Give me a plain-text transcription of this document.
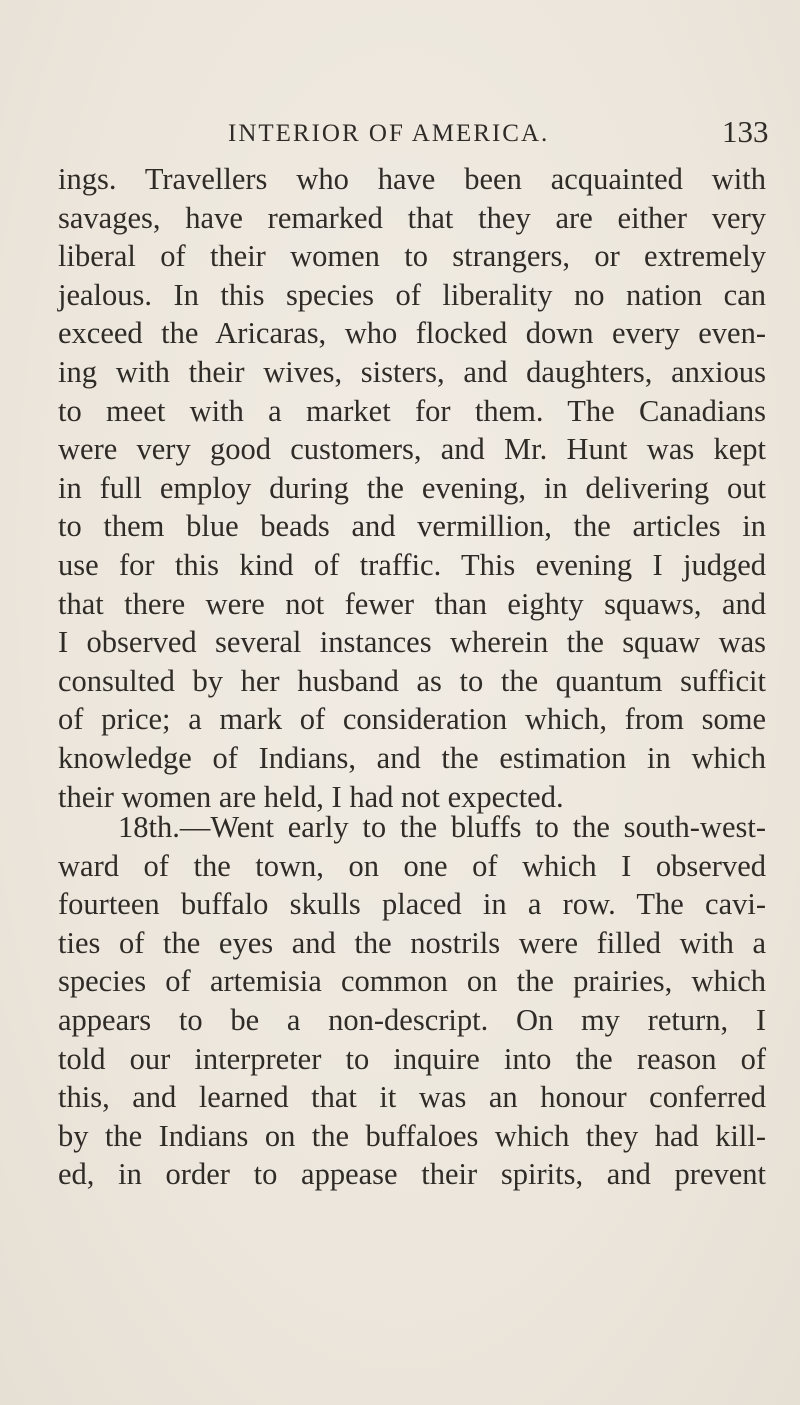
INTERIOR OF AMERICA.	133
ings. Travellers who have been acquainted with
savages, have remarked that they are either very
liberal of their women to strangers, or extremely
jealous. In this species of liberality no nation can
exceed the Aricaras, who flocked down every even-
ing with their wives, sisters, and daughters, anxious
to meet with a market for them. The Canadians
were very good customers, and Mr. Hunt was kept
in full employ during the evening, in delivering out
to them blue beads and vermillion, the articles in
use for this kind of traffic. This evening I judged
that there were not fewer than eighty squaws, and
I observed several instances wherein the squaw was
consulted by her husband as to the quantum sufficit
of price; a mark of consideration which, from some
knowledge of Indians, and the estimation in which
their women are held, I had not expected.
18th.—Went early to the bluffs to the south-west-
ward of the town, on one of which I observed
fourteen buffalo skulls placed in a row. The cavi-
ties of the eyes and the nostrils were filled with a
species of artemisia common on the prairies, which
appears to be a non-descript. On my return, I
told our interpreter to inquire into the reason of
this, and learned that it was an honour conferred
by the Indians on the buffaloes which they had kill-
ed, in order to appease their spirits, and prevent
